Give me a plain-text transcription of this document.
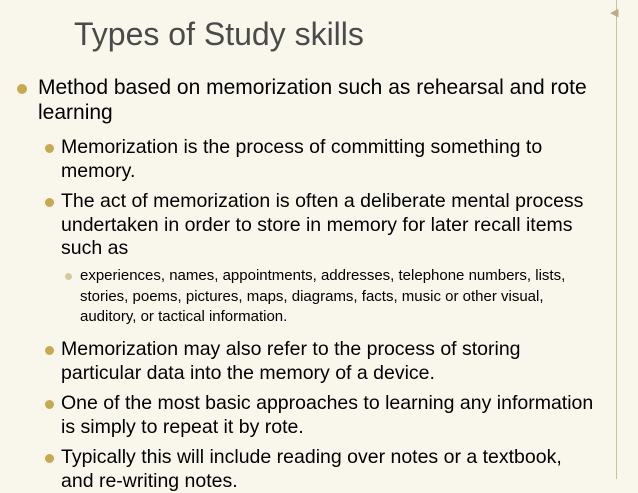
◀
Types of Study skills
Method based on memorization such as rehearsal and rote learning
Memorization is the process of committing something to memory.
The act of memorization is often a deliberate mental process undertaken in order to store in memory for later recall items such as
experiences, names, appointments, addresses, telephone numbers, lists, stories, poems, pictures, maps, diagrams, facts, music or other visual, auditory, or tactical information.
Memorization may also refer to the process of storing particular data into the memory of a device.
One of the most basic approaches to learning any information is simply to repeat it by rote.
Typically this will include reading over notes or a textbook, and re-writing notes.
